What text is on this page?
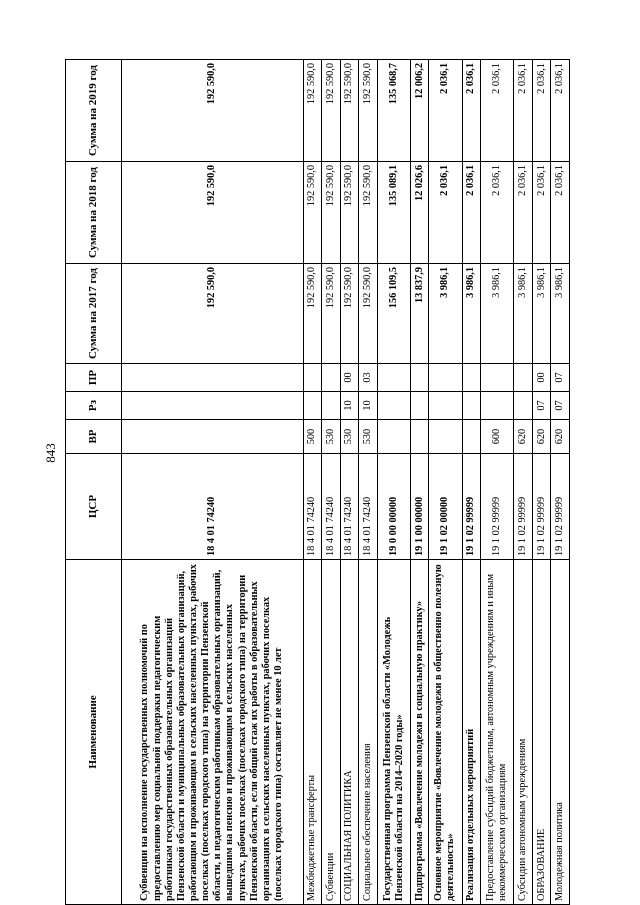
843
Наименование	ЦСР	ВР	Рз	ПР	Сумма на 2017 год	Сумма на 2018 год	Сумма на 2019 год
Субвенции на исполнение государственных полномочий по предоставлению мер социальной поддержки педагогическим работникам государственных образовательных организаций Пензенской области и муниципальных образовательных организаций, работающим и проживающим в сельских населенных пунктах, рабочих поселках (поселках городского типа) на территории Пензенской области, и педагогическим работникам образовательных организаций, вышедшим на пенсию и проживающим в сельских населенных пунктах, рабочих поселках (поселках городского типа) на территории Пензенской области, если общий стаж их работы в образовательных организациях в сельских населенных пунктах, рабочих поселках (поселках городского типа) составляет не менее 10 лет	18 4 01 74240				192 590,0	192 590,0	192 590,0
Межбюджетные трансферты	18 4 01 74240	500			192 590,0	192 590,0	192 590,0
Субвенции	18 4 01 74240	530			192 590,0	192 590,0	192 590,0
СОЦИАЛЬНАЯ ПОЛИТИКА	18 4 01 74240	530	10	00	192 590,0	192 590,0	192 590,0
Социальное обеспечение населения	18 4 01 74240	530	10	03	192 590,0	192 590,0	192 590,0
Государственная программа Пензенской области «Молодежь Пензенской области на 2014–2020 годы»	19 0 00 00000				156 109,5	135 089,1	135 068,7
Подпрограмма «Вовлечение молодежи в социальную практику»	19 1 00 00000				13 837,9	12 026,6	12 006,2
Основное мероприятие «Вовлечение молодежи в общественно полезную деятельность»	19 1 02 00000				3 986,1	2 036,1	2 036,1
Реализация отдельных мероприятий	19 1 02 99999				3 986,1	2 036,1	2 036,1
Предоставление субсидий бюджетным, автономным учреждениям и иным некоммерческим организациям	19 1 02 99999	600			3 986,1	2 036,1	2 036,1
Субсидии автономным учреждениям	19 1 02 99999	620			3 986,1	2 036,1	2 036,1
ОБРАЗОВАНИЕ	19 1 02 99999	620	07	00	3 986,1	2 036,1	2 036,1
Молодежная политика	19 1 02 99999	620	07	07	3 986,1	2 036,1	2 036,1
